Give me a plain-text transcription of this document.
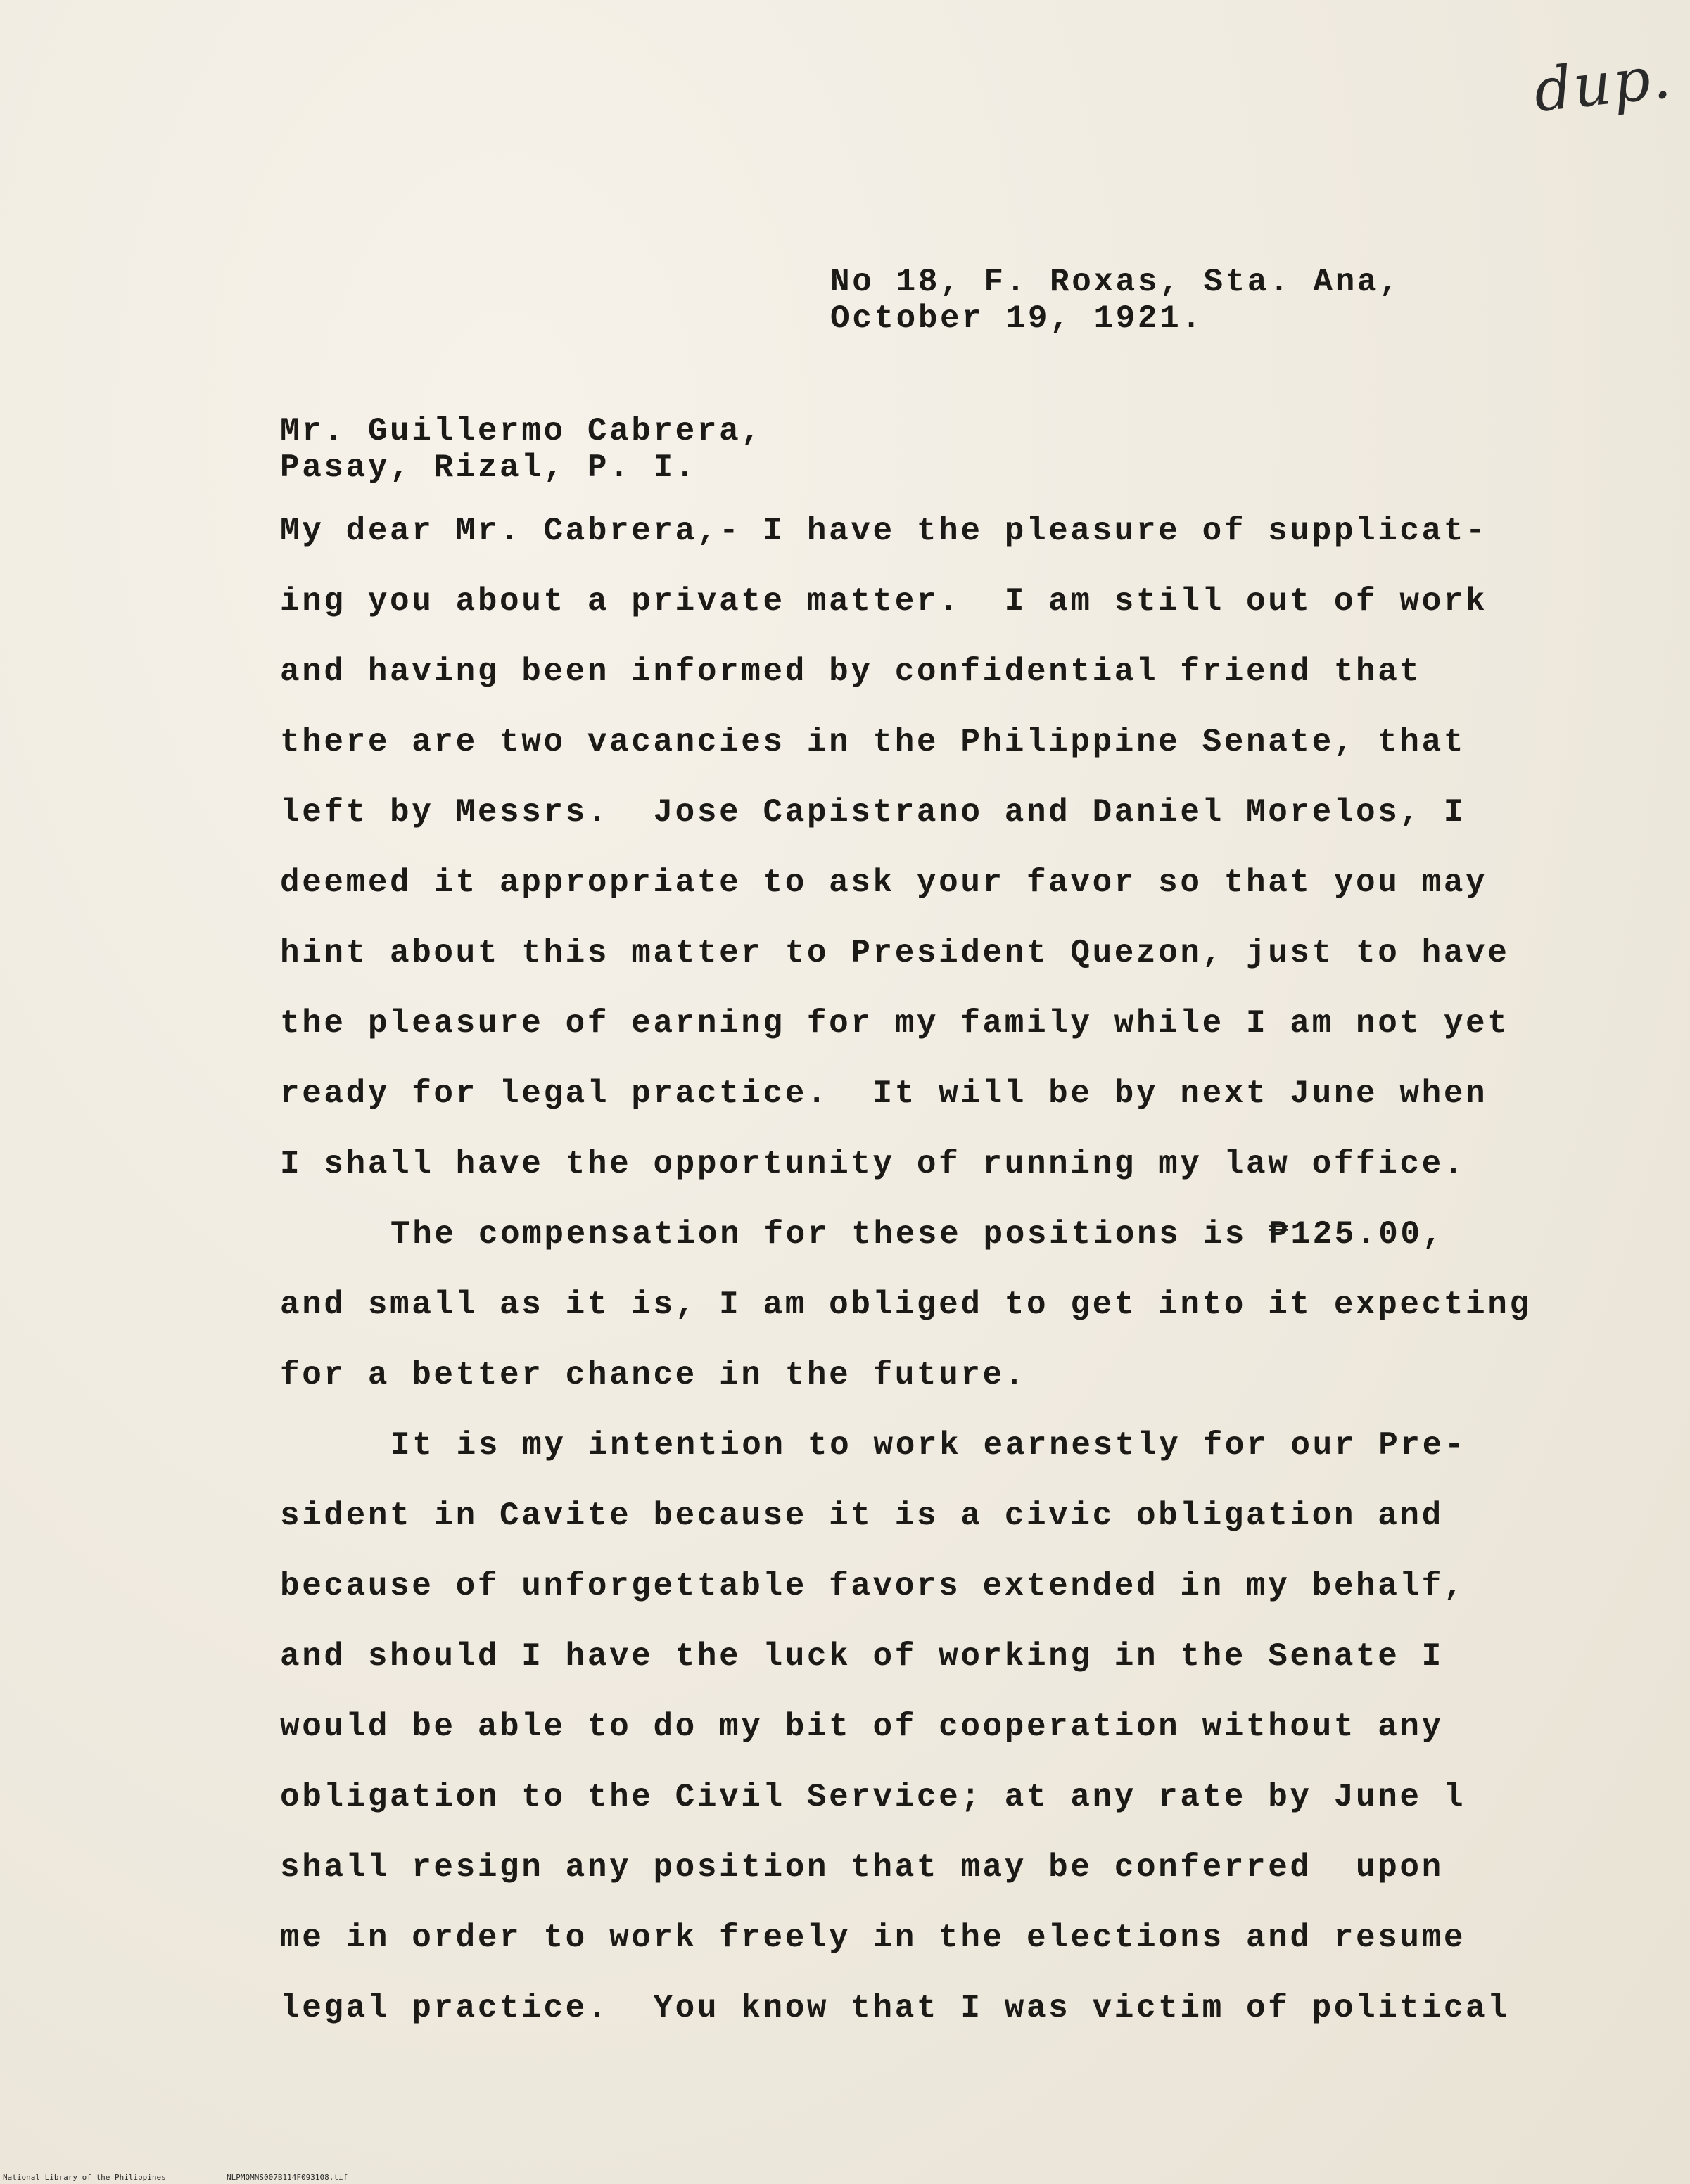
dup.
No 18, F. Roxas, Sta. Ana,
October 19, 1921.
Mr. Guillermo Cabrera,
Pasay, Rizal, P. I.
My dear Mr. Cabrera,- I have the pleasure of supplicat-
ing you about a private matter.  I am still out of work
and having been informed by confidential friend that
there are two vacancies in the Philippine Senate, that
left by Messrs.  Jose Capistrano and Daniel Morelos, I
deemed it appropriate to ask your favor so that you may
hint about this matter to President Quezon, just to have
the pleasure of earning for my family while I am not yet
ready for legal practice.  It will be by next June when
I shall have the opportunity of running my law office.
The compensation for these positions is ₱125.00,
and small as it is, I am obliged to get into it expecting
for a better chance in the future.
It is my intention to work earnestly for our Pre-
sident in Cavite because it is a civic obligation and
because of unforgettable favors extended in my behalf,
and should I have the luck of working in the Senate I
would be able to do my bit of cooperation without any
obligation to the Civil Service; at any rate by June l
shall resign any position that may be conferred  upon
me in order to work freely in the elections and resume
legal practice.  You know that I was victim of political
National Library of the Philippines	NLPMQMNS007B114F093108.tif
